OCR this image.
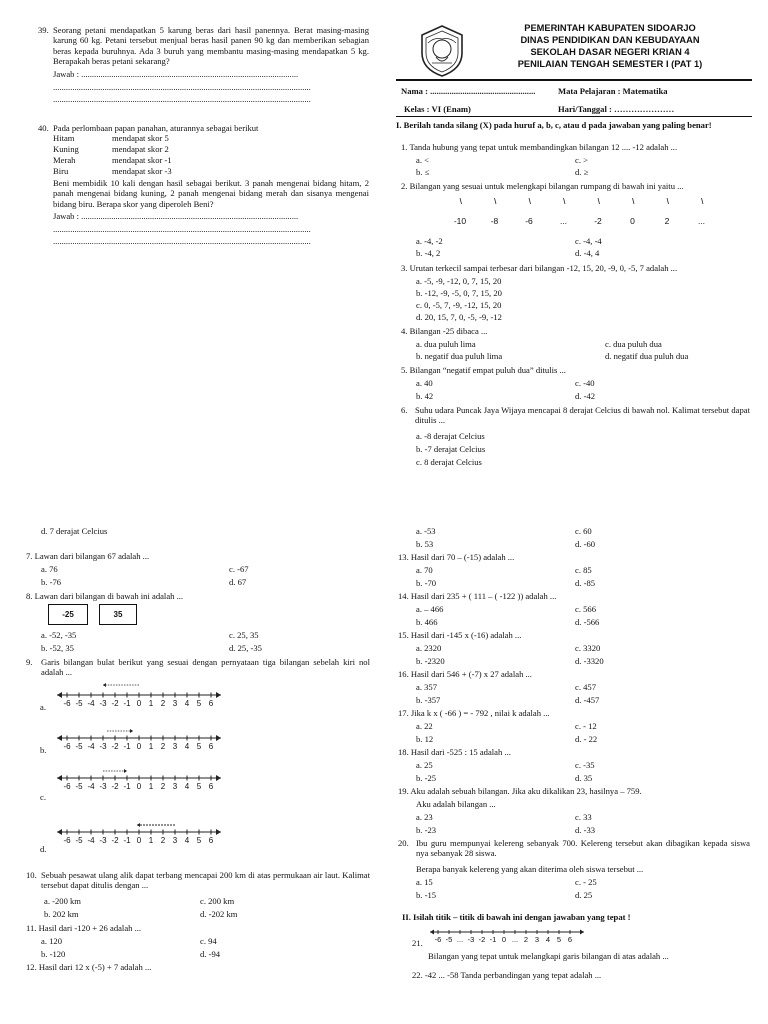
39. Seorang petani mendapatkan 5 karung beras dari hasil panennya. Berat masing-masing karung 60 kg. Petani tersebut menjual beras hasil panen 90 kg dan memberikan sebagian beras kepada buruhnya. Ada 3 buruh yang membantu masing-masing mendapatkan 5 kg. Berapakah beras petani sekarang?
Jawab : .....................................................................................................
........................................................................................................................
........................................................................................................................
40. Pada perlombaan papan panahan, aturannya sebagai berikut
Hitam	mendapat skor 5
Kuning	mendapat skor 2
Merah	mendapat skor -1
Biru	mendapat skor -3
Beni membidik 10 kali dengan hasil sebagai berikut. 3 panah mengenai bidang hitam, 2 panah mengenai bidang kuning, 2 panah mengenai bidang merah dan sisanya mengenai bidang biru. Berapa skor yang diperoleh Beni?
Jawab : .....................................................................................................
........................................................................................................................
........................................................................................................................
PEMERINTAH KABUPATEN SIDOARJO
DINAS PENDIDIKAN DAN KEBUDAYAAN
SEKOLAH DASAR NEGERI KRIAN 4
PENILAIAN TENGAH SEMESTER I (PAT 1)
Nama : .................................................	Mata Pelajaran : Matematika
Kelas : VI (Enam)	Hari/Tanggal : …………………
I. Berilah tanda silang (X) pada huruf a, b, c, atau d pada jawaban yang paling benar!
1. Tanda hubung yang tepat untuk membandingkan bilangan 12 .... -12 adalah ...
a. <	c. >
b. ≤	d. ≥
2. Bilangan yang sesuai untuk melengkapi bilangan rumpang di bawah ini yaitu ...
-10	-8	-6	...	-2	0	2	...
a. -4, -2	c. -4, -4
b. -4, 2	d. -4, 4
3. Urutan terkecil sampai terbesar dari bilangan -12, 15, 20, -9, 0, -5, 7 adalah ...
a. -5, -9, -12, 0, 7, 15, 20
b. -12, -9, -5, 0, 7, 15, 20
c. 0, -5, 7, -9, -12, 15, 20
d. 20, 15, 7, 0, -5, -9, -12
4. Bilangan -25 dibaca ...
a. dua puluh lima	c. dua puluh dua
b. negatif dua puluh lima	d. negatif dua puluh dua
5. Bilangan “negatif empat puluh dua” ditulis ...
a. 40	c. -40
b. 42	d. -42
6. Suhu udara Puncak Jaya Wijaya mencapai 8 derajat Celcius di bawah nol. Kalimat tersebut dapat ditulis ...
a. -8 derajat Celcius
b. -7 derajat Celcius
c. 8 derajat Celcius
d. 7 derajat Celcius
7. Lawan dari bilangan 67 adalah ...
a. 76	c. -67
b. -76	d. 67
8. Lawan dari bilangan di bawah ini adalah ...
-25	35
a. -52, -35	c. 25, 35
b. -52, 35	d. 25, -35
9. Garis bilangan bulat berikut yang sesuai dengan pernyataan tiga bilangan sebelah kiri nol adalah ...
a. -6 -5 -4 -3 -2 -1 0 1 2 3 4 5 6
b. -6 -5 -4 -3 -2 -1 0 1 2 3 4 5 6
c.
-6 -5 -4 -3 -2 -1 0 1 2 3 4 5 6
d.
-6 -5 -4 -3 -2 -1 0 1 2 3 4 5 6
10. Sebuah pesawat ulang alik dapat terbang mencapai 200 km di atas permukaan air laut. Kalimat tersebut dapat ditulis dengan ...
a. -200 km	c. 200 km
b. 202 km	d. -202 km
11. Hasil dari -120 + 26 adalah ...
a. 120	c. 94
b. -120	d. -94
12. Hasil dari 12 x (-5) + 7 adalah ...
a. -53	c. 60
b. 53	d. -60
13. Hasil dari 70 – (-15) adalah ...
a. 70	c. 85
b. -70	d. -85
14. Hasil dari 235 + ( 111 – ( -122 )) adalah ...
a. – 466	c. 566
b. 466	d. -566
15. Hasil dari -145 x (-16) adalah ...
a. 2320	c. 3320
b. -2320	d. -3320
16. Hasil dari 546 + (-7) x 27 adalah ...
a. 357	c. 457
b. -357	d. -457
17. Jika k x ( -66 ) = - 792 , nilai k adalah ...
a. 22	c. - 12
b. 12	d. - 22
18. Hasil dari -525 : 15 adalah ...
a. 25	c. -35
b. -25	d. 35
19. Aku adalah sebuah bilangan. Jika aku dikalikan 23, hasilnya – 759.
Aku adalah bilangan ...
a. 23	c. 33
b. -23	d. -33
20. Ibu guru mempunyai kelereng sebanyak 700. Kelereng tersebut akan dibagikan kepada siswa nya sebanyak 28 siswa.
Berapa banyak kelereng yang akan diterima oleh siswa tersebut ...
a. 15	c. - 25
b. -15	d. 25
II. Isilah titik – titik di bawah ini dengan jawaban yang tepat !
21. -6 -5 ... -3 -2 -1 0 ... 2 3 4 5 6
Bilangan yang tepat untuk melangkapi garis bilangan di atas adalah ...
22. -42 ... -58 Tanda perbandingan yang tepat adalah ...
